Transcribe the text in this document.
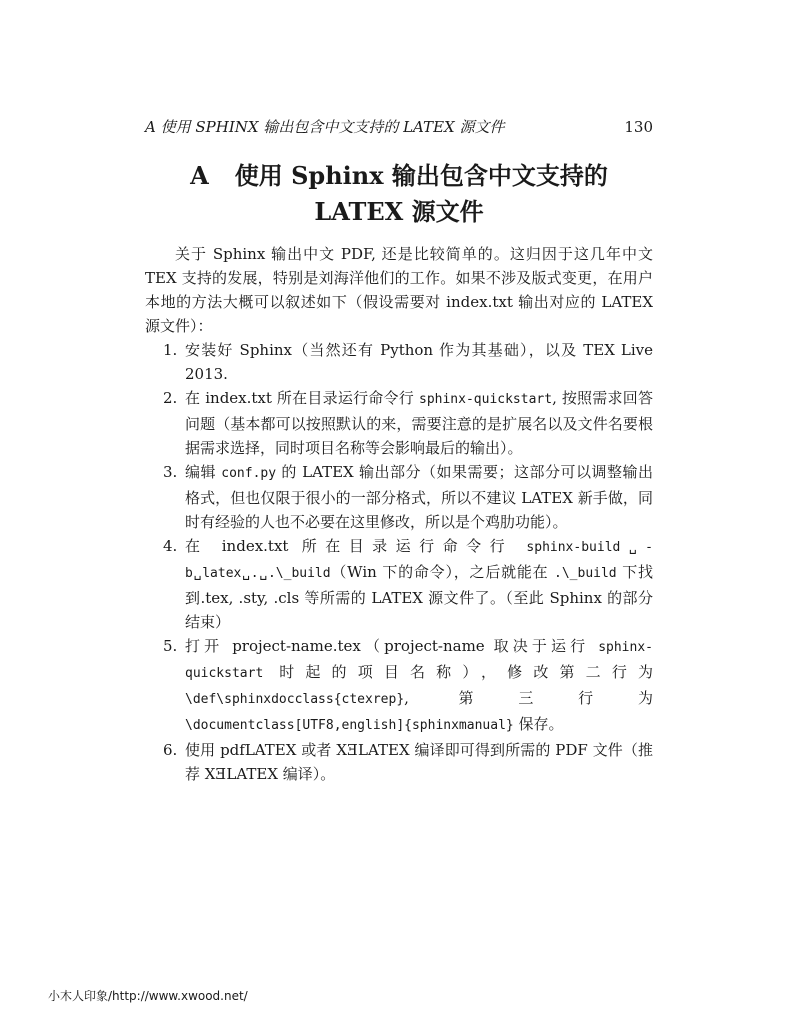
A 使用 SPHINX 输出包含中文支持的 LATEX 源文件	130
A 使用 Sphinx 输出包含中文支持的
LATEX 源文件

关于 Sphinx 输出中文 PDF, 还是比较简单的。这归因于这几年中文 TEX 支持的发展，特别是刘海洋他们的工作。如果不涉及版式变更，在用户本地的方法大概可以叙述如下（假设需要对 index.txt 输出对应的 LATEX 源文件）：

1. 安装好 Sphinx（当然还有 Python 作为其基础），以及 TEX Live 2013.
2. 在 index.txt 所在目录运行命令行 sphinx-quickstart, 按照需求回答问题（基本都可以按照默认的来，需要注意的是扩展名以及文件名要根据需求选择，同时项目名称等会影响最后的输出）。
3. 编辑 conf.py 的 LATEX 输出部分（如果需要；这部分可以调整输出格式，但也仅限于很小的一部分格式，所以不建议 LATEX 新手做，同时有经验的人也不必要在这里修改，所以是个鸡肋功能）。
4. 在 index.txt 所在目录运行命令行 sphinx-build␣-b␣latex␣.␣.\_build（Win 下的命令），之后就能在 .\_build 下找到.tex, .sty, .cls 等所需的 LATEX 源文件了。（至此 Sphinx 的部分结束）
5. 打开 project-name.tex（project-name 取决于运行 sphinx-quickstart 时起的项目名称），修改第二行为 \def\sphinxdocclass{ctexrep}, 第三行为 \documentclass[UTF8,english]{sphinxmanual} 保存。
6. 使用 pdfLATEX 或者 XƎLATEX 编译即可得到所需的 PDF 文件（推荐 XƎLATEX 编译）。
小木人印象/http://www.xwood.net/
